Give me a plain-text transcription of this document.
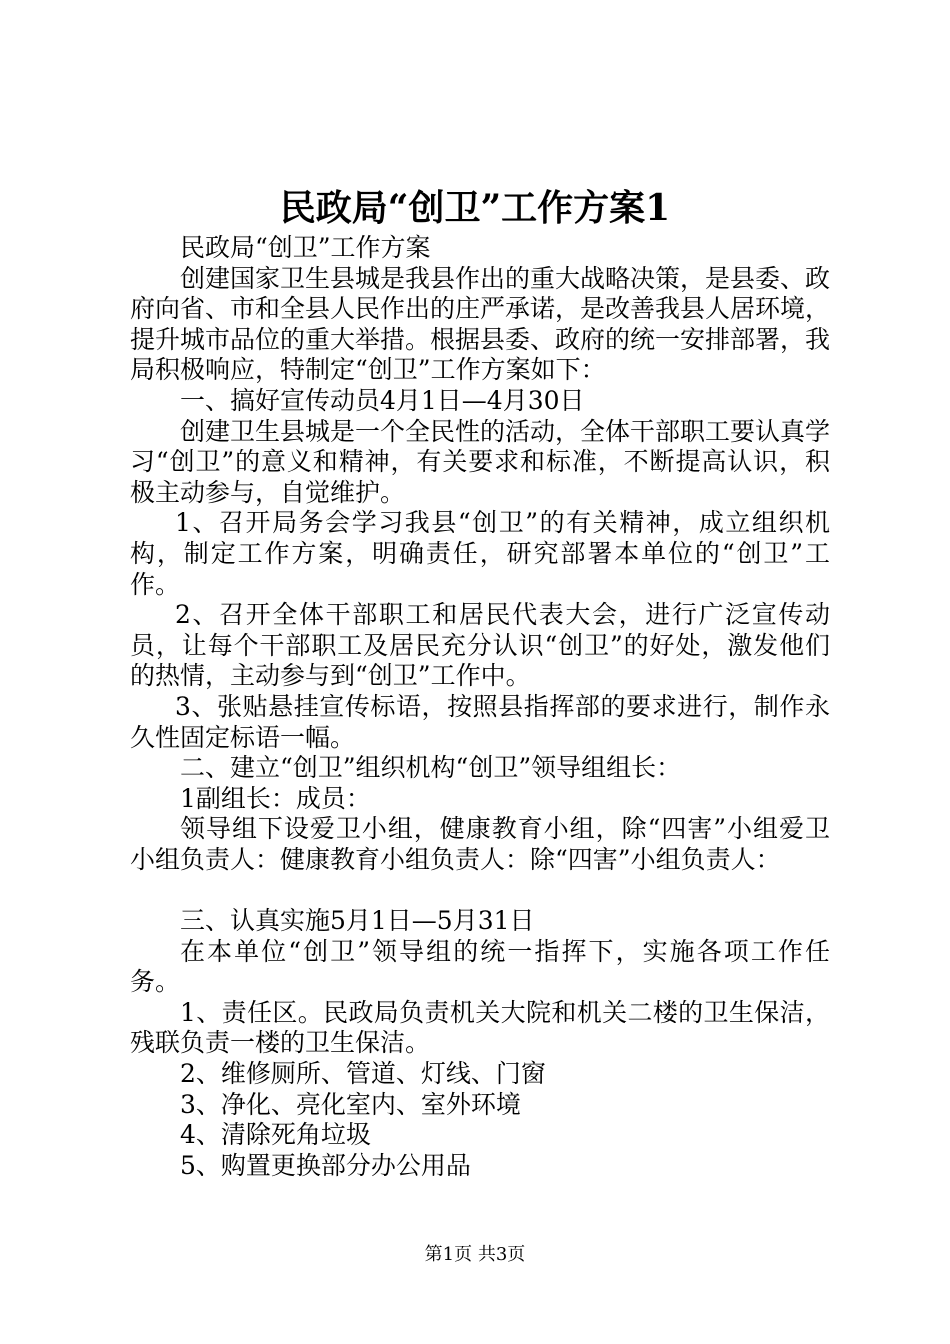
民政局“创卫”工作方案1

民政局“创卫”工作方案

创建国家卫生县城是我县作出的重大战略决策，是县委、政府向省、市和全县人民作出的庄严承诺，是改善我县人居环境，提升城市品位的重大举措。根据县委、政府的统一安排部署，我局积极响应，特制定“创卫”工作方案如下：

一、搞好宣传动员4月1日—4月30日

创建卫生县城是一个全民性的活动，全体干部职工要认真学习“创卫”的意义和精神，有关要求和标准，不断提高认识，积极主动参与，自觉维护。

1、召开局务会学习我县“创卫”的有关精神，成立组织机构，制定工作方案，明确责任，研究部署本单位的“创卫”工作。

2、召开全体干部职工和居民代表大会，进行广泛宣传动员，让每个干部职工及居民充分认识“创卫”的好处，激发他们的热情，主动参与到“创卫”工作中。

3、张贴悬挂宣传标语，按照县指挥部的要求进行，制作永久性固定标语一幅。

二、建立“创卫”组织机构“创卫”领导组组长：

1副组长：成员：

领导组下设爱卫小组，健康教育小组，除“四害”小组爱卫小组负责人：健康教育小组负责人：除“四害”小组负责人：

三、认真实施5月1日—5月31日

在本单位“创卫”领导组的统一指挥下，实施各项工作任务。

1、责任区。民政局负责机关大院和机关二楼的卫生保洁，残联负责一楼的卫生保洁。

2、维修厕所、管道、灯线、门窗

3、净化、亮化室内、室外环境

4、清除死角垃圾

5、购置更换部分办公用品

第1页 共3页
